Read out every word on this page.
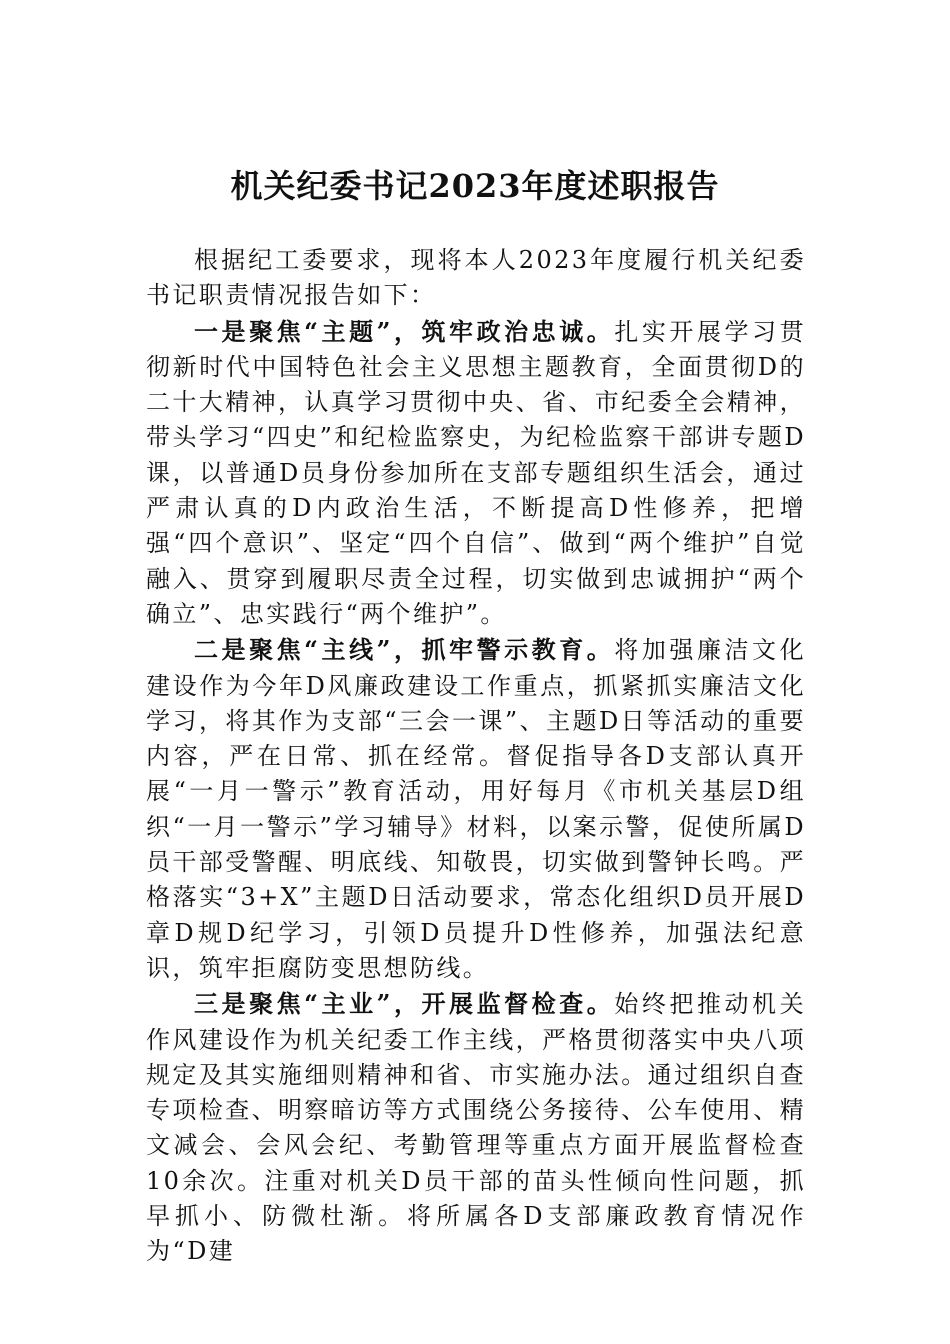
机关纪委书记2023年度述职报告

根据纪工委要求，现将本人2023年度履行机关纪委书记职责情况报告如下：

一是聚焦“主题”，筑牢政治忠诚。扎实开展学习贯彻新时代中国特色社会主义思想主题教育，全面贯彻D的二十大精神，认真学习贯彻中央、省、市纪委全会精神，带头学习“四史”和纪检监察史，为纪检监察干部讲专题D课，以普通D员身份参加所在支部专题组织生活会，通过严肃认真的D内政治生活，不断提高D性修养，把增强“四个意识”、坚定“四个自信”、做到“两个维护”自觉融入、贯穿到履职尽责全过程，切实做到忠诚拥护“两个确立”、忠实践行“两个维护”。

二是聚焦“主线”，抓牢警示教育。将加强廉洁文化建设作为今年D风廉政建设工作重点，抓紧抓实廉洁文化学习，将其作为支部“三会一课”、主题D日等活动的重要内容，严在日常、抓在经常。督促指导各D支部认真开展“一月一警示”教育活动，用好每月《市机关基层D组织“一月一警示”学习辅导》材料，以案示警，促使所属D员干部受警醒、明底线、知敬畏，切实做到警钟长鸣。严格落实“3+X”主题D日活动要求，常态化组织D员开展D章D规D纪学习，引领D员提升D性修养，加强法纪意识，筑牢拒腐防变思想防线。

三是聚焦“主业”，开展监督检查。始终把推动机关作风建设作为机关纪委工作主线，严格贯彻落实中央八项规定及其实施细则精神和省、市实施办法。通过组织自查专项检查、明察暗访等方式围绕公务接待、公车使用、精文减会、会风会纪、考勤管理等重点方面开展监督检查10余次。注重对机关D员干部的苗头性倾向性问题，抓早抓小、防微杜渐。将所属各D支部廉政教育情况作为“D建
